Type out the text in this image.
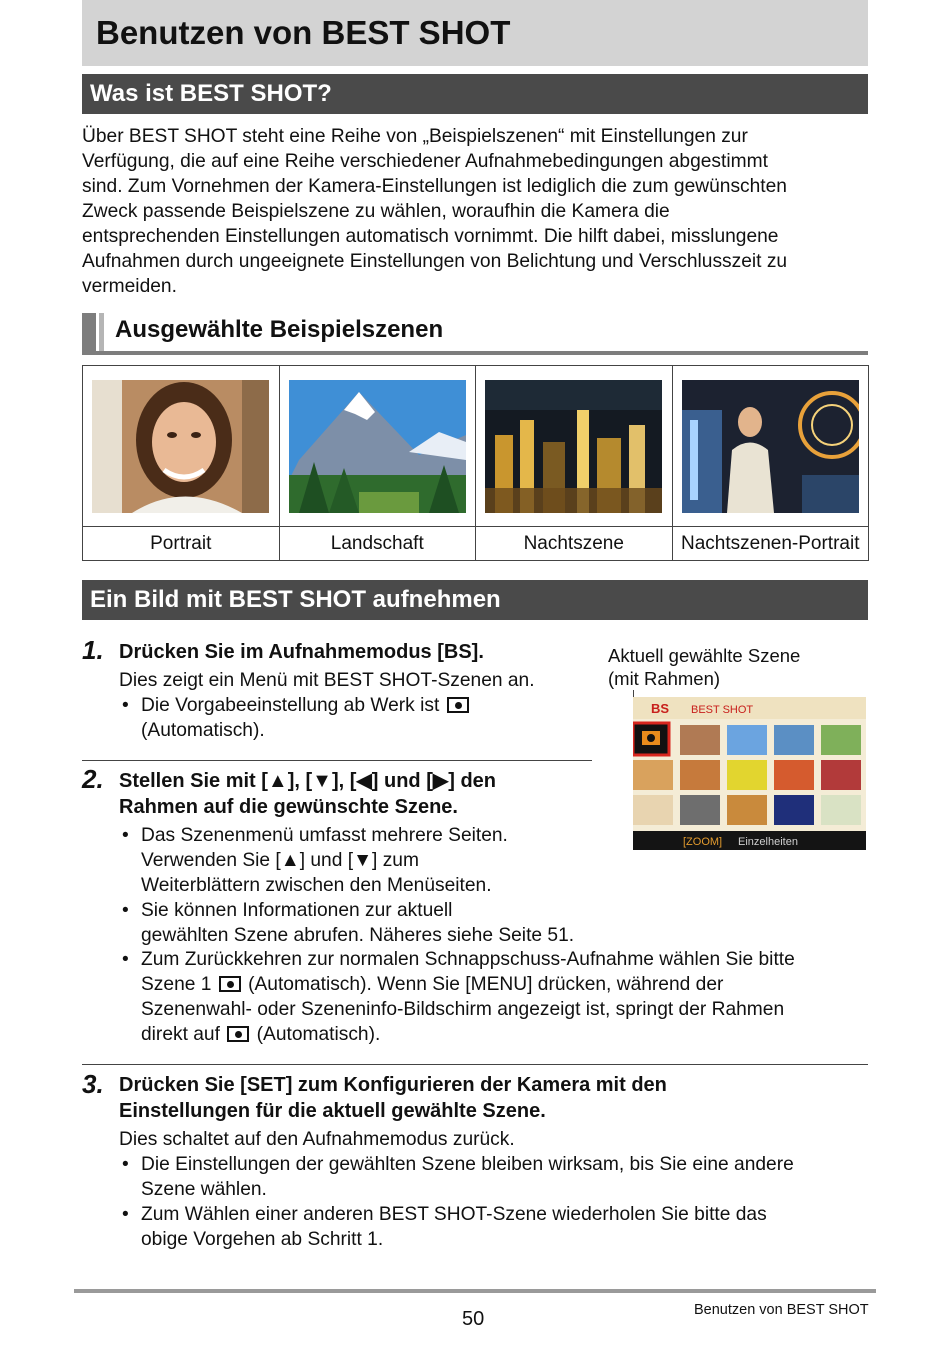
Benutzen von BEST SHOT
Was ist BEST SHOT?
Über BEST SHOT steht eine Reihe von „Beispielszenen“ mit Einstellungen zur
Verfügung, die auf eine Reihe verschiedener Aufnahmebedingungen abgestimmt
sind. Zum Vornehmen der Kamera-Einstellungen ist lediglich die zum gewünschten
Zweck passende Beispielszene zu wählen, woraufhin die Kamera die
entsprechenden Einstellungen automatisch vornimmt. Die hilft dabei, misslungene
Aufnahmen durch ungeeignete Einstellungen von Belichtung und Verschlusszeit zu
vermeiden.
Ausgewählte Beispielszenen

Portrait	Landschaft	Nachtszene	Nachtszenen-Portrait
Ein Bild mit BEST SHOT aufnehmen
1. Drücken Sie im Aufnahmemodus [BS].
Dies zeigt ein Menü mit BEST SHOT-Szenen an.
• Die Vorgabeeinstellung ab Werk ist
(Automatisch).
Aktuell gewählte Szene
(mit Rahmen)
BS BEST SHOT
[ZOOM] Einzelheiten
2. Stellen Sie mit [▲], [▼], [◀] und [▶] den
Rahmen auf die gewünschte Szene.
• Das Szenenmenü umfasst mehrere Seiten.
Verwenden Sie [▲] und [▼] zum
Weiterblättern zwischen den Menüseiten.
• Sie können Informationen zur aktuell
gewählten Szene abrufen. Näheres siehe Seite 51.
• Zum Zurückkehren zur normalen Schnappschuss-Aufnahme wählen Sie bitte
Szene 1 (Automatisch). Wenn Sie [MENU] drücken, während der
Szenenwahl- oder Szeneninfo-Bildschirm angezeigt ist, springt der Rahmen
direkt auf (Automatisch).
3. Drücken Sie [SET] zum Konfigurieren der Kamera mit den
Einstellungen für die aktuell gewählte Szene.
Dies schaltet auf den Aufnahmemodus zurück.
• Die Einstellungen der gewählten Szene bleiben wirksam, bis Sie eine andere
Szene wählen.
• Zum Wählen einer anderen BEST SHOT-Szene wiederholen Sie bitte das
obige Vorgehen ab Schritt 1.
50	Benutzen von BEST SHOT
